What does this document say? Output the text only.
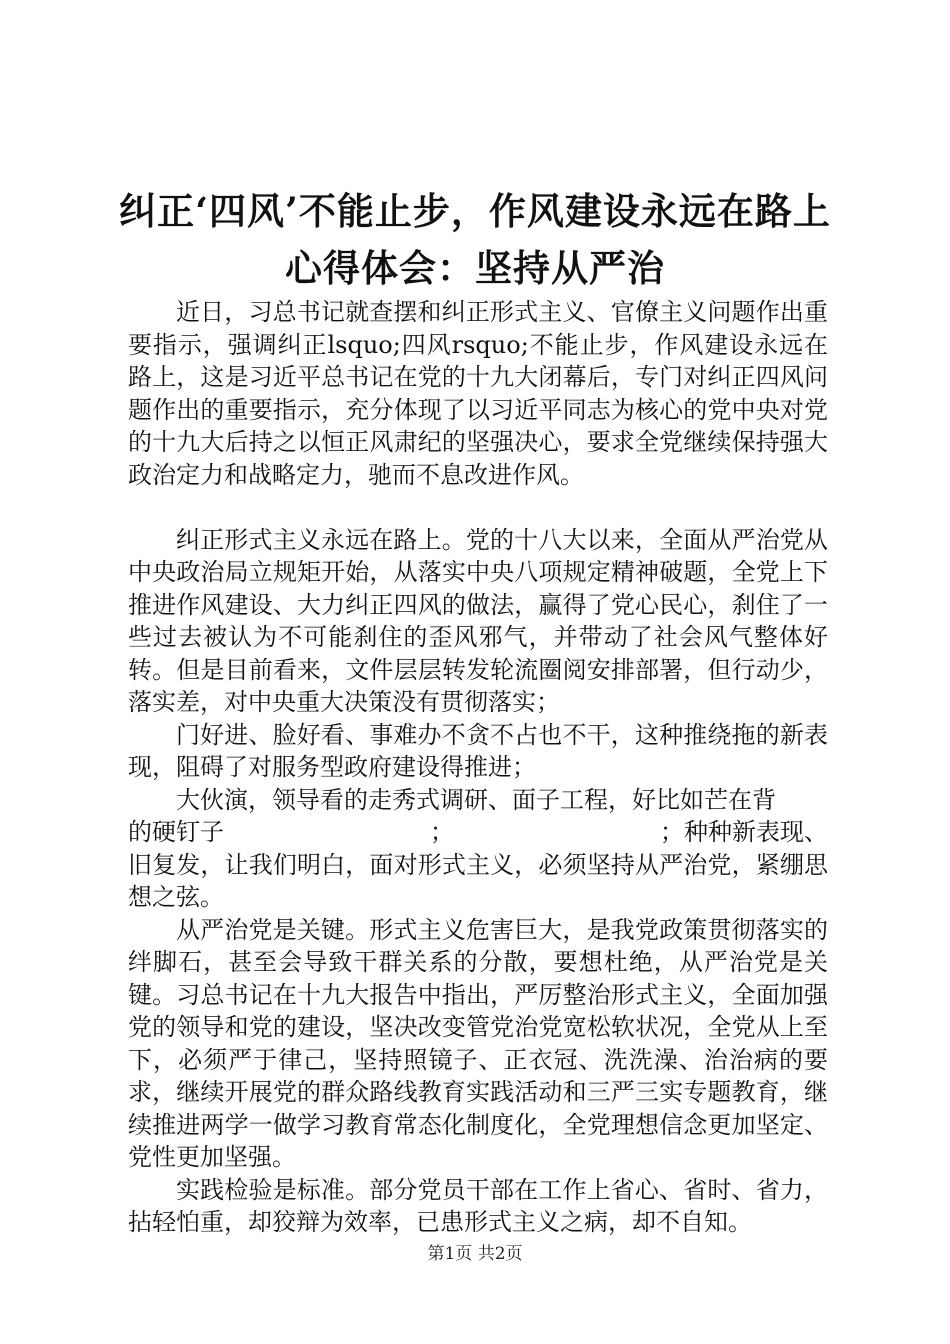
纠正‘四风’不能止步，作风建设永远在路上
心得体会：坚持从严治

近日，习总书记就查摆和纠正形式主义、官僚主义问题作出重要指示，强调纠正lsquo;四风rsquo;不能止步，作风建设永远在路上，这是习近平总书记在党的十九大闭幕后，专门对纠正四风问题作出的重要指示，充分体现了以习近平同志为核心的党中央对党的十九大后持之以恒正风肃纪的坚强决心，要求全党继续保持强大政治定力和战略定力，驰而不息改进作风。

纠正形式主义永远在路上。党的十八大以来，全面从严治党从中央政治局立规矩开始，从落实中央八项规定精神破题，全党上下推进作风建设、大力纠正四风的做法，赢得了党心民心，刹住了一些过去被认为不可能刹住的歪风邪气，并带动了社会风气整体好转。但是目前看来，文件层层转发轮流圈阅安排部署，但行动少，落实差，对中央重大决策没有贯彻落实；

门好进、脸好看、事难办不贪不占也不干，这种推绕拖的新表现，阻碍了对服务型政府建设得推进；

大伙演，领导看的走秀式调研、面子工程，好比如芒在背

的硬钉子	；	；种种新表现、

旧复发，让我们明白，面对形式主义，必须坚持从严治党，紧绷思想之弦。

从严治党是关键。形式主义危害巨大，是我党政策贯彻落实的绊脚石，甚至会导致干群关系的分散，要想杜绝，从严治党是关键。习总书记在十九大报告中指出，严厉整治形式主义，全面加强党的领导和党的建设，坚决改变管党治党宽松软状况，全党从上至下，必须严于律己，坚持照镜子、正衣冠、洗洗澡、治治病的要求，继续开展党的群众路线教育实践活动和三严三实专题教育，继续推进两学一做学习教育常态化制度化，全党理想信念更加坚定、党性更加坚强。

实践检验是标准。部分党员干部在工作上省心、省时、省力，拈轻怕重，却狡辩为效率，已患形式主义之病，却不自知。

第1页 共2页
